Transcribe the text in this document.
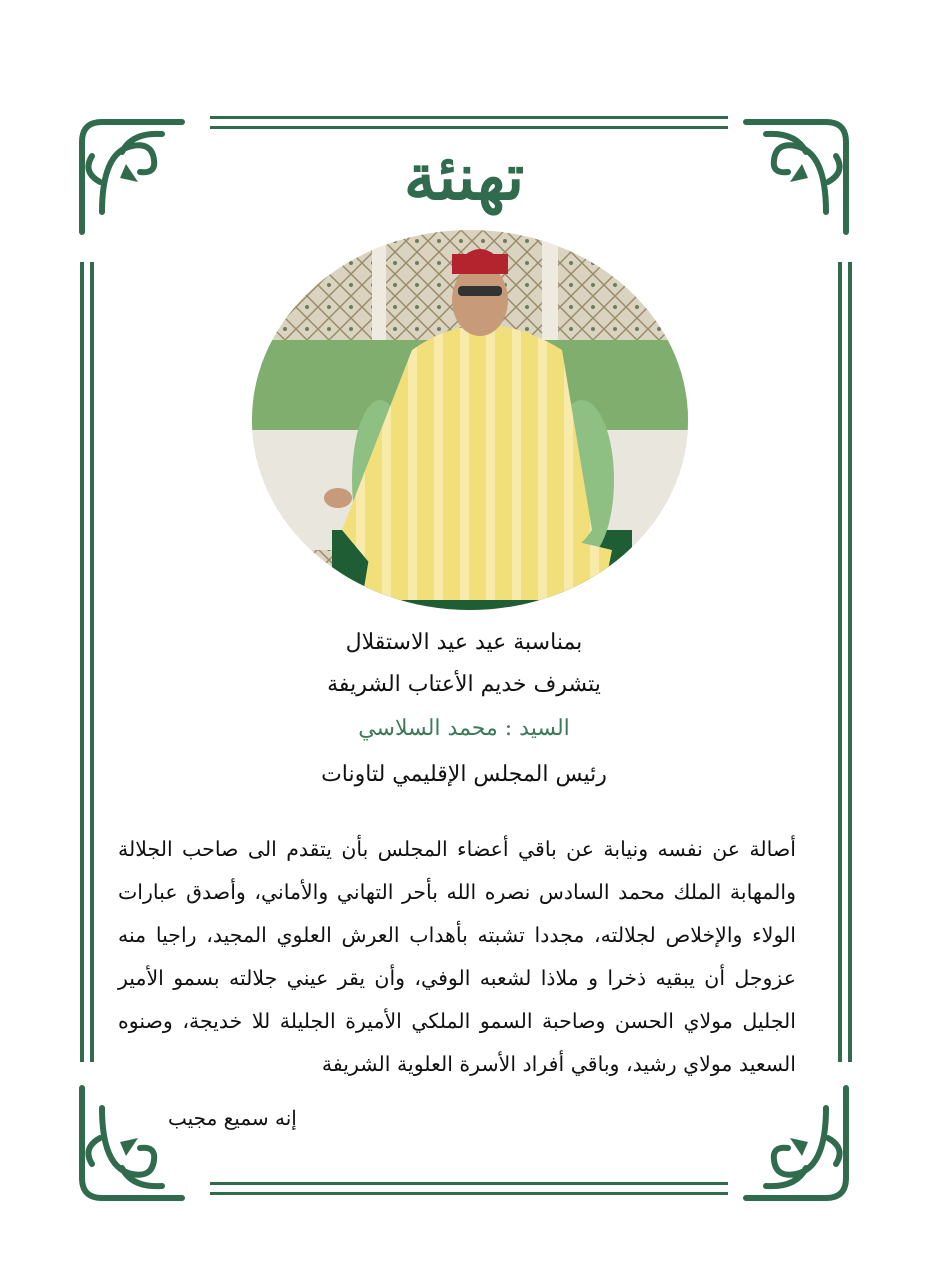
تهنئة
بمناسبة عيد عيد الاستقلال
يتشرف خديم الأعتاب الشريفة
السيد : محمد السلاسي
رئيس المجلس الإقليمي لتاونات
أصالة عن نفسه ونيابة عن باقي أعضاء المجلس بأن يتقدم الى صاحب الجلالة والمهابة الملك محمد السادس نصره الله بأحر التهاني والأماني، وأصدق عبارات الولاء والإخلاص لجلالته، مجددا تشبته بأهداب العرش العلوي المجيد، راجيا منه عزوجل أن يبقيه ذخرا و ملاذا لشعبه الوفي، وأن يقر عيني جلالته بسمو الأمير الجليل مولاي الحسن وصاحبة السمو الملكي الأميرة الجليلة للا خديجة، وصنوه السعيد مولاي رشيد، وباقي أفراد الأسرة العلوية الشريفة
إنه سميع مجيب
